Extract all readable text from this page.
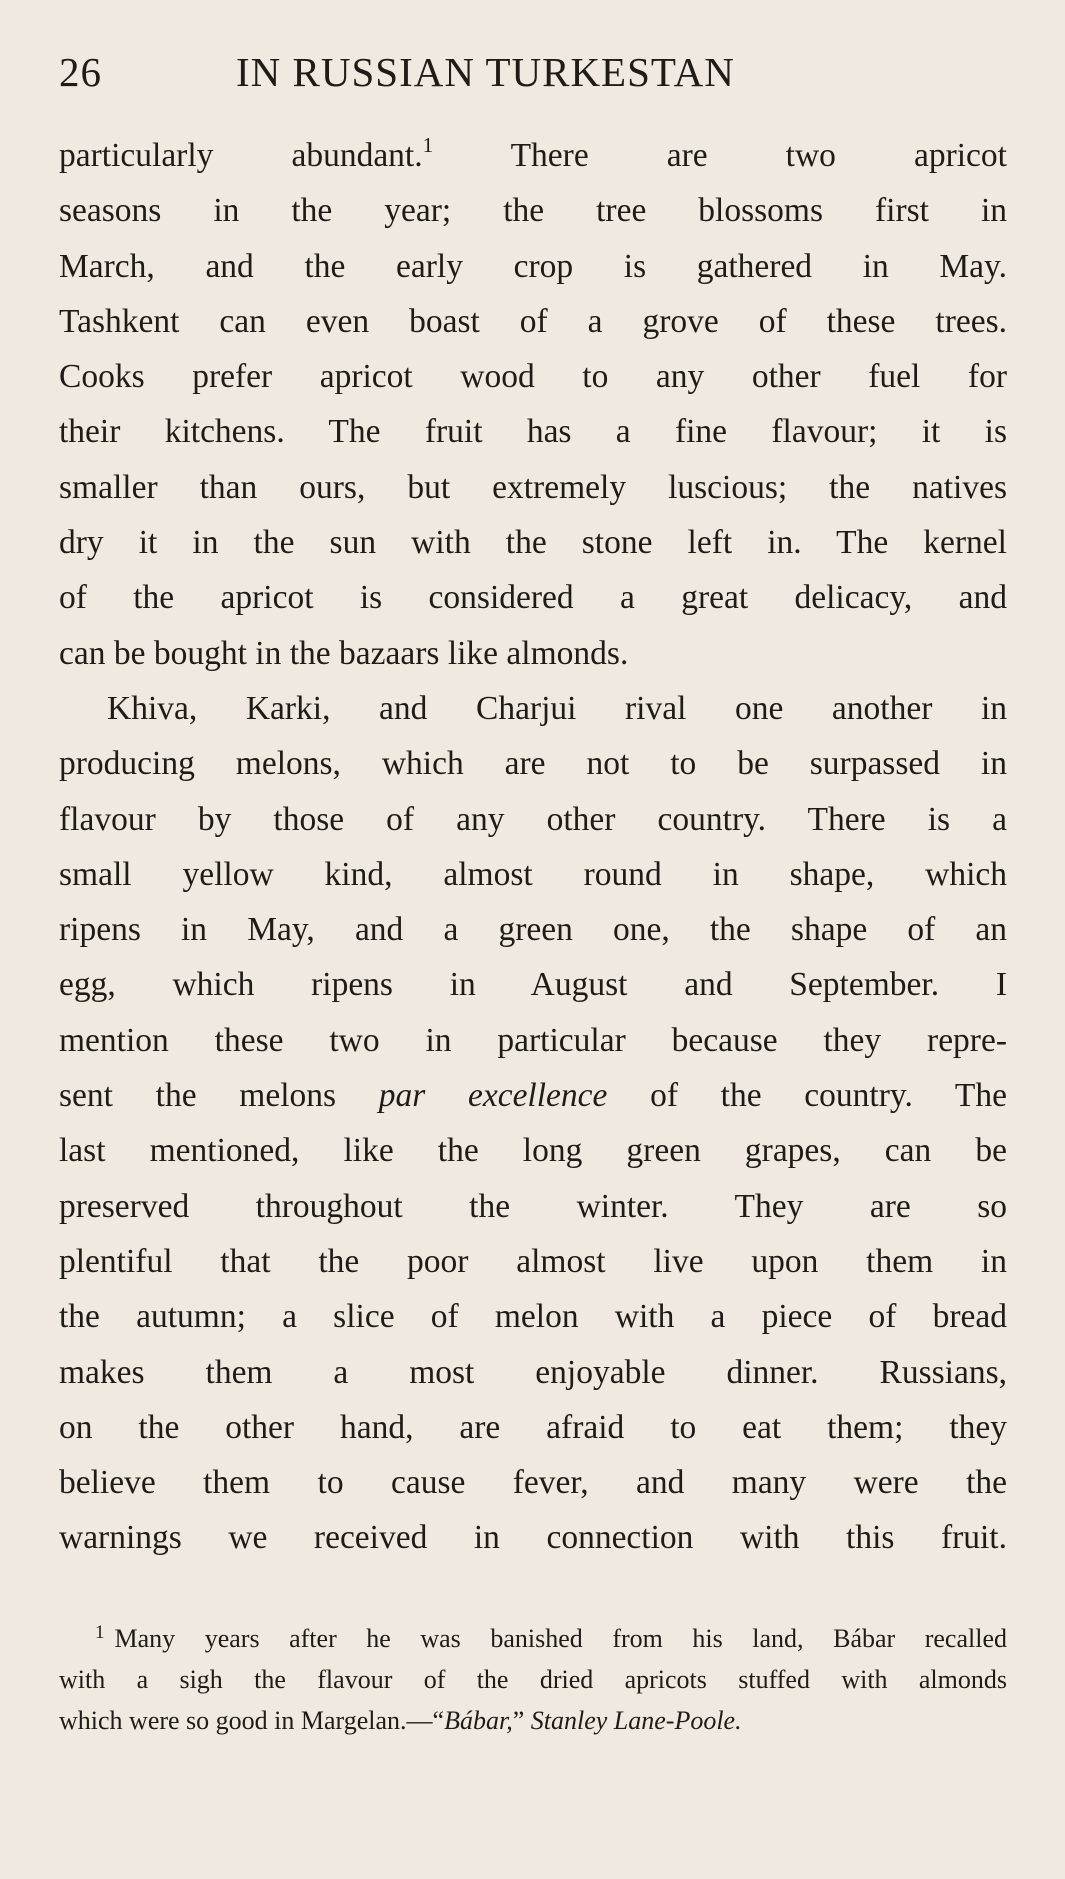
26	IN RUSSIAN TURKESTAN
particularly abundant.$^1$ There are two apricot
seasons in the year; the tree blossoms first in
March, and the early crop is gathered in May.
Tashkent can even boast of a grove of these trees.
Cooks prefer apricot wood to any other fuel for
their kitchens. The fruit has a fine flavour; it is
smaller than ours, but extremely luscious; the natives
dry it in the sun with the stone left in. The kernel
of the apricot is considered a great delicacy, and
can be bought in the bazaars like almonds.
Khiva, Karki, and Charjui rival one another in
producing melons, which are not to be surpassed in
flavour by those of any other country. There is a
small yellow kind, almost round in shape, which
ripens in May, and a green one, the shape of an
egg, which ripens in August and September. I
mention these two in particular because they repre-
sent the melons par excellence of the country. The
last mentioned, like the long green grapes, can be
preserved throughout the winter. They are so
plentiful that the poor almost live upon them in
the autumn; a slice of melon with a piece of bread
makes them a most enjoyable dinner. Russians,
on the other hand, are afraid to eat them; they
believe them to cause fever, and many were the
warnings we received in connection with this fruit.
$^1$ Many years after he was banished from his land, Bábar recalled
with a sigh the flavour of the dried apricots stuffed with almonds
which were so good in Margelan.—“Bábar,” Stanley Lane-Poole.
